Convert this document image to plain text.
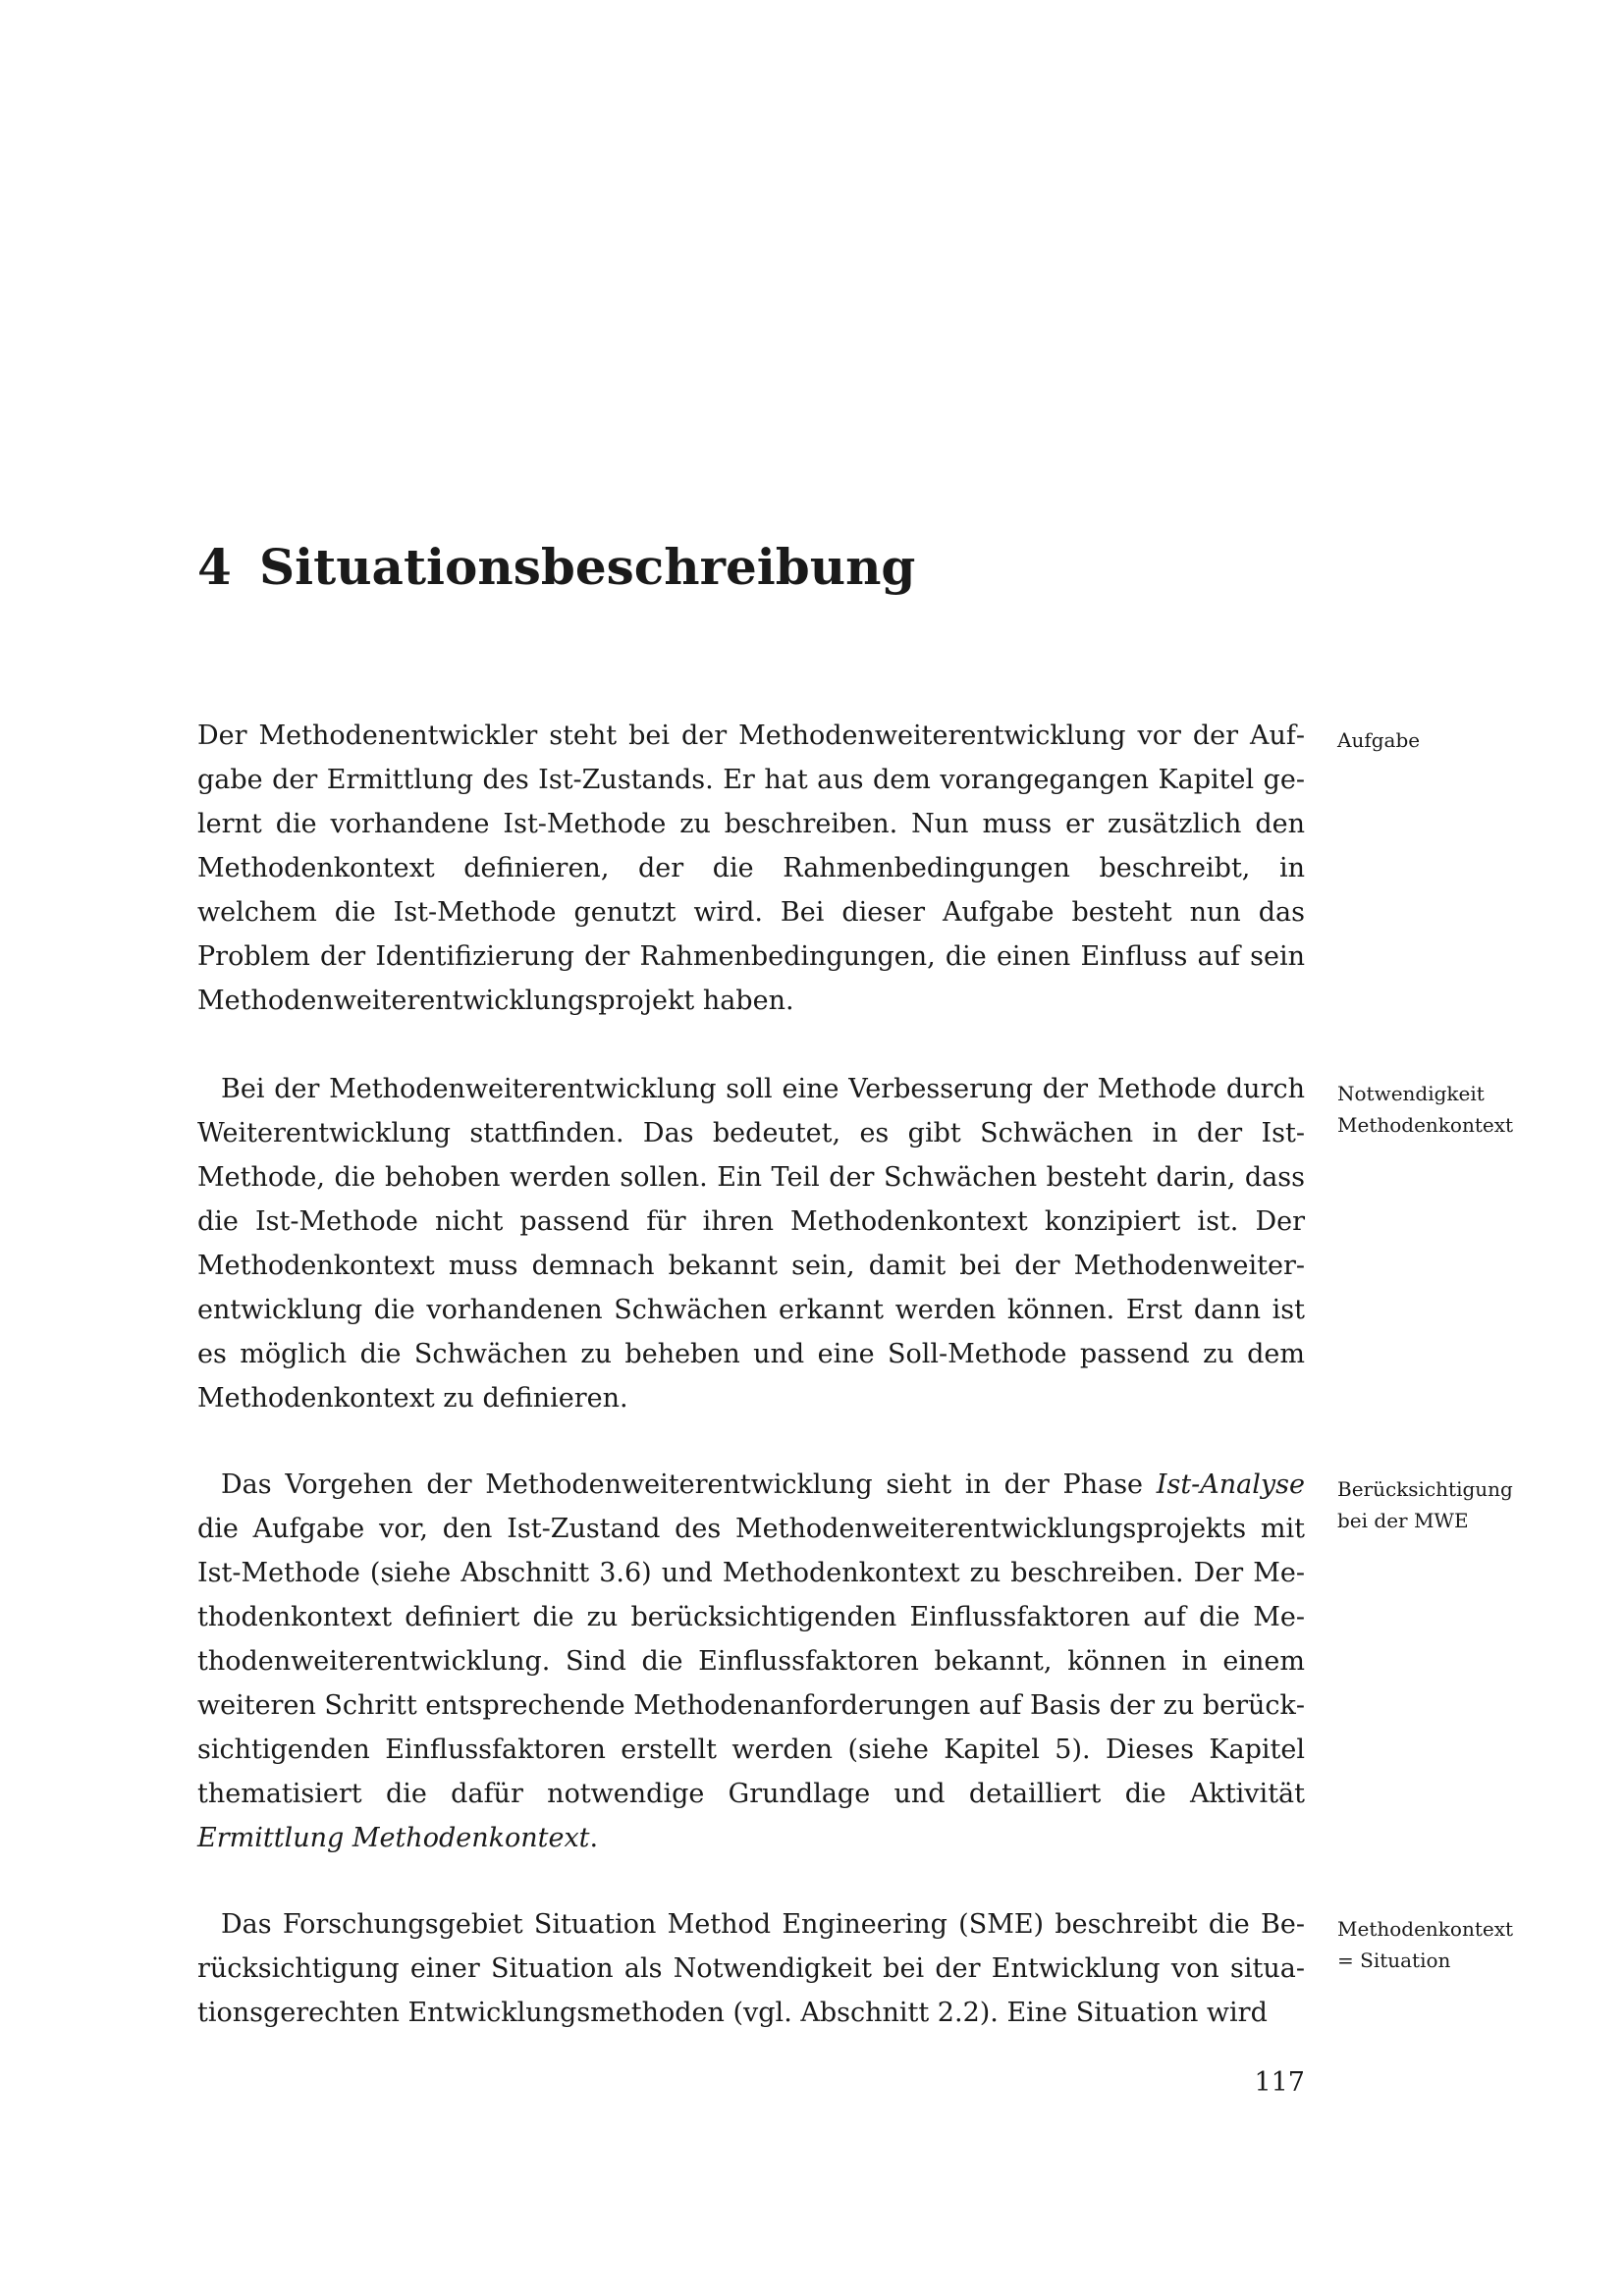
4 Situationsbeschreibung

Der Methodenentwickler steht bei der Methodenweiterentwicklung vor der Aufgabe der Ermittlung des Ist-Zustands. Er hat aus dem vorangegangen Kapitel gelernt die vorhandene Ist-Methode zu beschreiben. Nun muss er zusätzlich den Methodenkontext definieren, der die Rahmenbedingungen beschreibt, in welchem die Ist-Methode genutzt wird. Bei dieser Aufgabe besteht nun das Problem der Identifizierung der Rahmenbedingungen, die einen Einfluss auf sein Methodenweiterentwicklungsprojekt haben.

Aufgabe

Bei der Methodenweiterentwicklung soll eine Verbesserung der Methode durch Weiterentwicklung stattfinden. Das bedeutet, es gibt Schwächen in der Ist-Methode, die behoben werden sollen. Ein Teil der Schwächen besteht darin, dass die Ist-Methode nicht passend für ihren Methodenkontext konzipiert ist. Der Methodenkontext muss demnach bekannt sein, damit bei der Methodenweiterentwicklung die vorhandenen Schwächen erkannt werden können. Erst dann ist es möglich die Schwächen zu beheben und eine Soll-Methode passend zu dem Methodenkontext zu definieren.

Notwendigkeit
Methodenkontext

Das Vorgehen der Methodenweiterentwicklung sieht in der Phase Ist-Analyse die Aufgabe vor, den Ist-Zustand des Methodenweiterentwicklungsprojekts mit Ist-Methode (siehe Abschnitt 3.6) und Methodenkontext zu beschreiben. Der Methodenkontext definiert die zu berücksichtigenden Einflussfaktoren auf die Methodenweiterentwicklung. Sind die Einflussfaktoren bekannt, können in einem weiteren Schritt entsprechende Methodenanforderungen auf Basis der zu berücksichtigenden Einflussfaktoren erstellt werden (siehe Kapitel 5). Dieses Kapitel thematisiert die dafür notwendige Grundlage und detailliert die Aktivität Ermittlung Methodenkontext.

Berücksichtigung
bei der MWE

Das Forschungsgebiet Situation Method Engineering (SME) beschreibt die Berücksichtigung einer Situation als Notwendigkeit bei der Entwicklung von situationsgerechten Entwicklungsmethoden (vgl. Abschnitt 2.2). Eine Situation wird

Methodenkontext
= Situation
117
